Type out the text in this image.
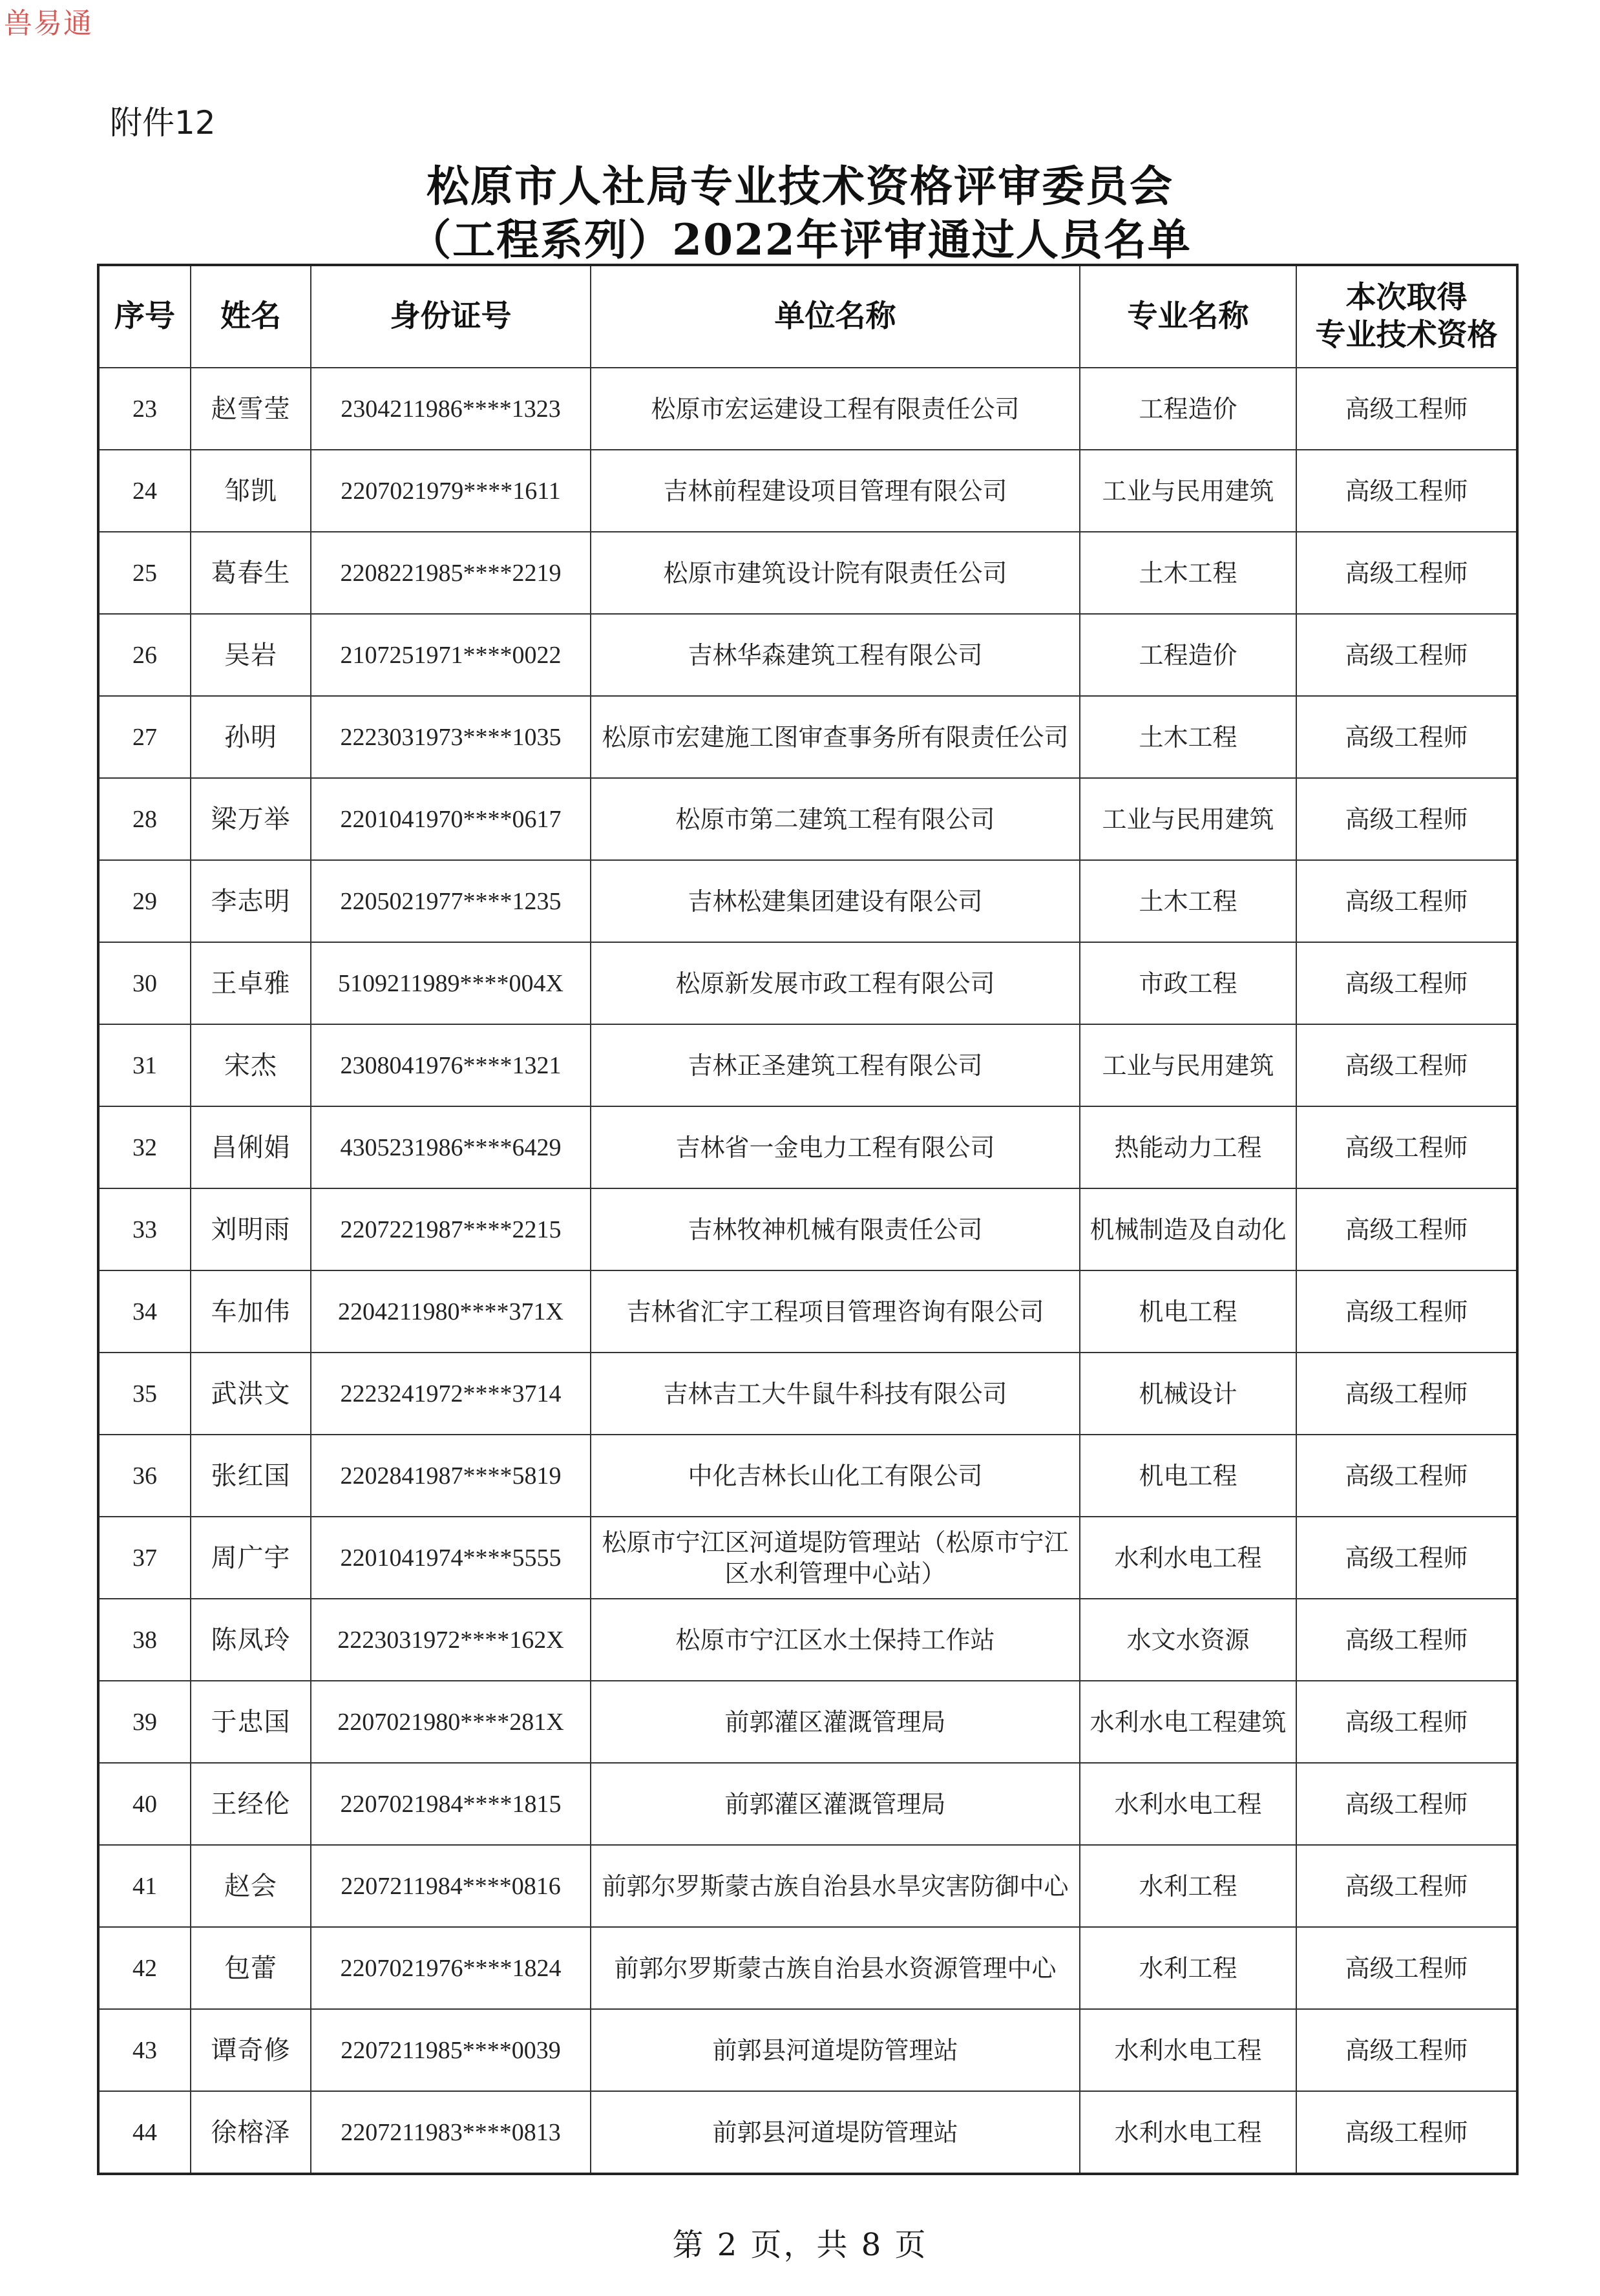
兽易通
附件12
松原市人社局专业技术资格评审委员会
（工程系列）2022年评审通过人员名单
序号	姓名	身份证号	单位名称	专业名称	本次取得
专业技术资格

23	赵雪莹	2304211986****1323	松原市宏运建设工程有限责任公司	工程造价	高级工程师
24	邹凯	2207021979****1611	吉林前程建设项目管理有限公司	工业与民用建筑	高级工程师
25	葛春生	2208221985****2219	松原市建筑设计院有限责任公司	土木工程	高级工程师
26	吴岩	2107251971****0022	吉林华森建筑工程有限公司	工程造价	高级工程师
27	孙明	2223031973****1035	松原市宏建施工图审查事务所有限责任公司	土木工程	高级工程师
28	梁万举	2201041970****0617	松原市第二建筑工程有限公司	工业与民用建筑	高级工程师
29	李志明	2205021977****1235	吉林松建集团建设有限公司	土木工程	高级工程师
30	王卓雅	5109211989****004X	松原新发展市政工程有限公司	市政工程	高级工程师
31	宋杰	2308041976****1321	吉林正圣建筑工程有限公司	工业与民用建筑	高级工程师
32	昌俐娟	4305231986****6429	吉林省一金电力工程有限公司	热能动力工程	高级工程师
33	刘明雨	2207221987****2215	吉林牧神机械有限责任公司	机械制造及自动化	高级工程师
34	车加伟	2204211980****371X	吉林省汇宇工程项目管理咨询有限公司	机电工程	高级工程师
35	武洪文	2223241972****3714	吉林吉工大牛鼠牛科技有限公司	机械设计	高级工程师
36	张红国	2202841987****5819	中化吉林长山化工有限公司	机电工程	高级工程师
37	周广宇	2201041974****5555	松原市宁江区河道堤防管理站（松原市宁江区水利管理中心站）	水利水电工程	高级工程师
38	陈凤玲	2223031972****162X	松原市宁江区水土保持工作站	水文水资源	高级工程师
39	于忠国	2207021980****281X	前郭灌区灌溉管理局	水利水电工程建筑	高级工程师
40	王经伦	2207021984****1815	前郭灌区灌溉管理局	水利水电工程	高级工程师
41	赵会	2207211984****0816	前郭尔罗斯蒙古族自治县水旱灾害防御中心	水利工程	高级工程师
42	包蕾	2207021976****1824	前郭尔罗斯蒙古族自治县水资源管理中心	水利工程	高级工程师
43	谭奇修	2207211985****0039	前郭县河道堤防管理站	水利水电工程	高级工程师
44	徐榕泽	2207211983****0813	前郭县河道堤防管理站	水利水电工程	高级工程师
第 2 页，共 8 页
